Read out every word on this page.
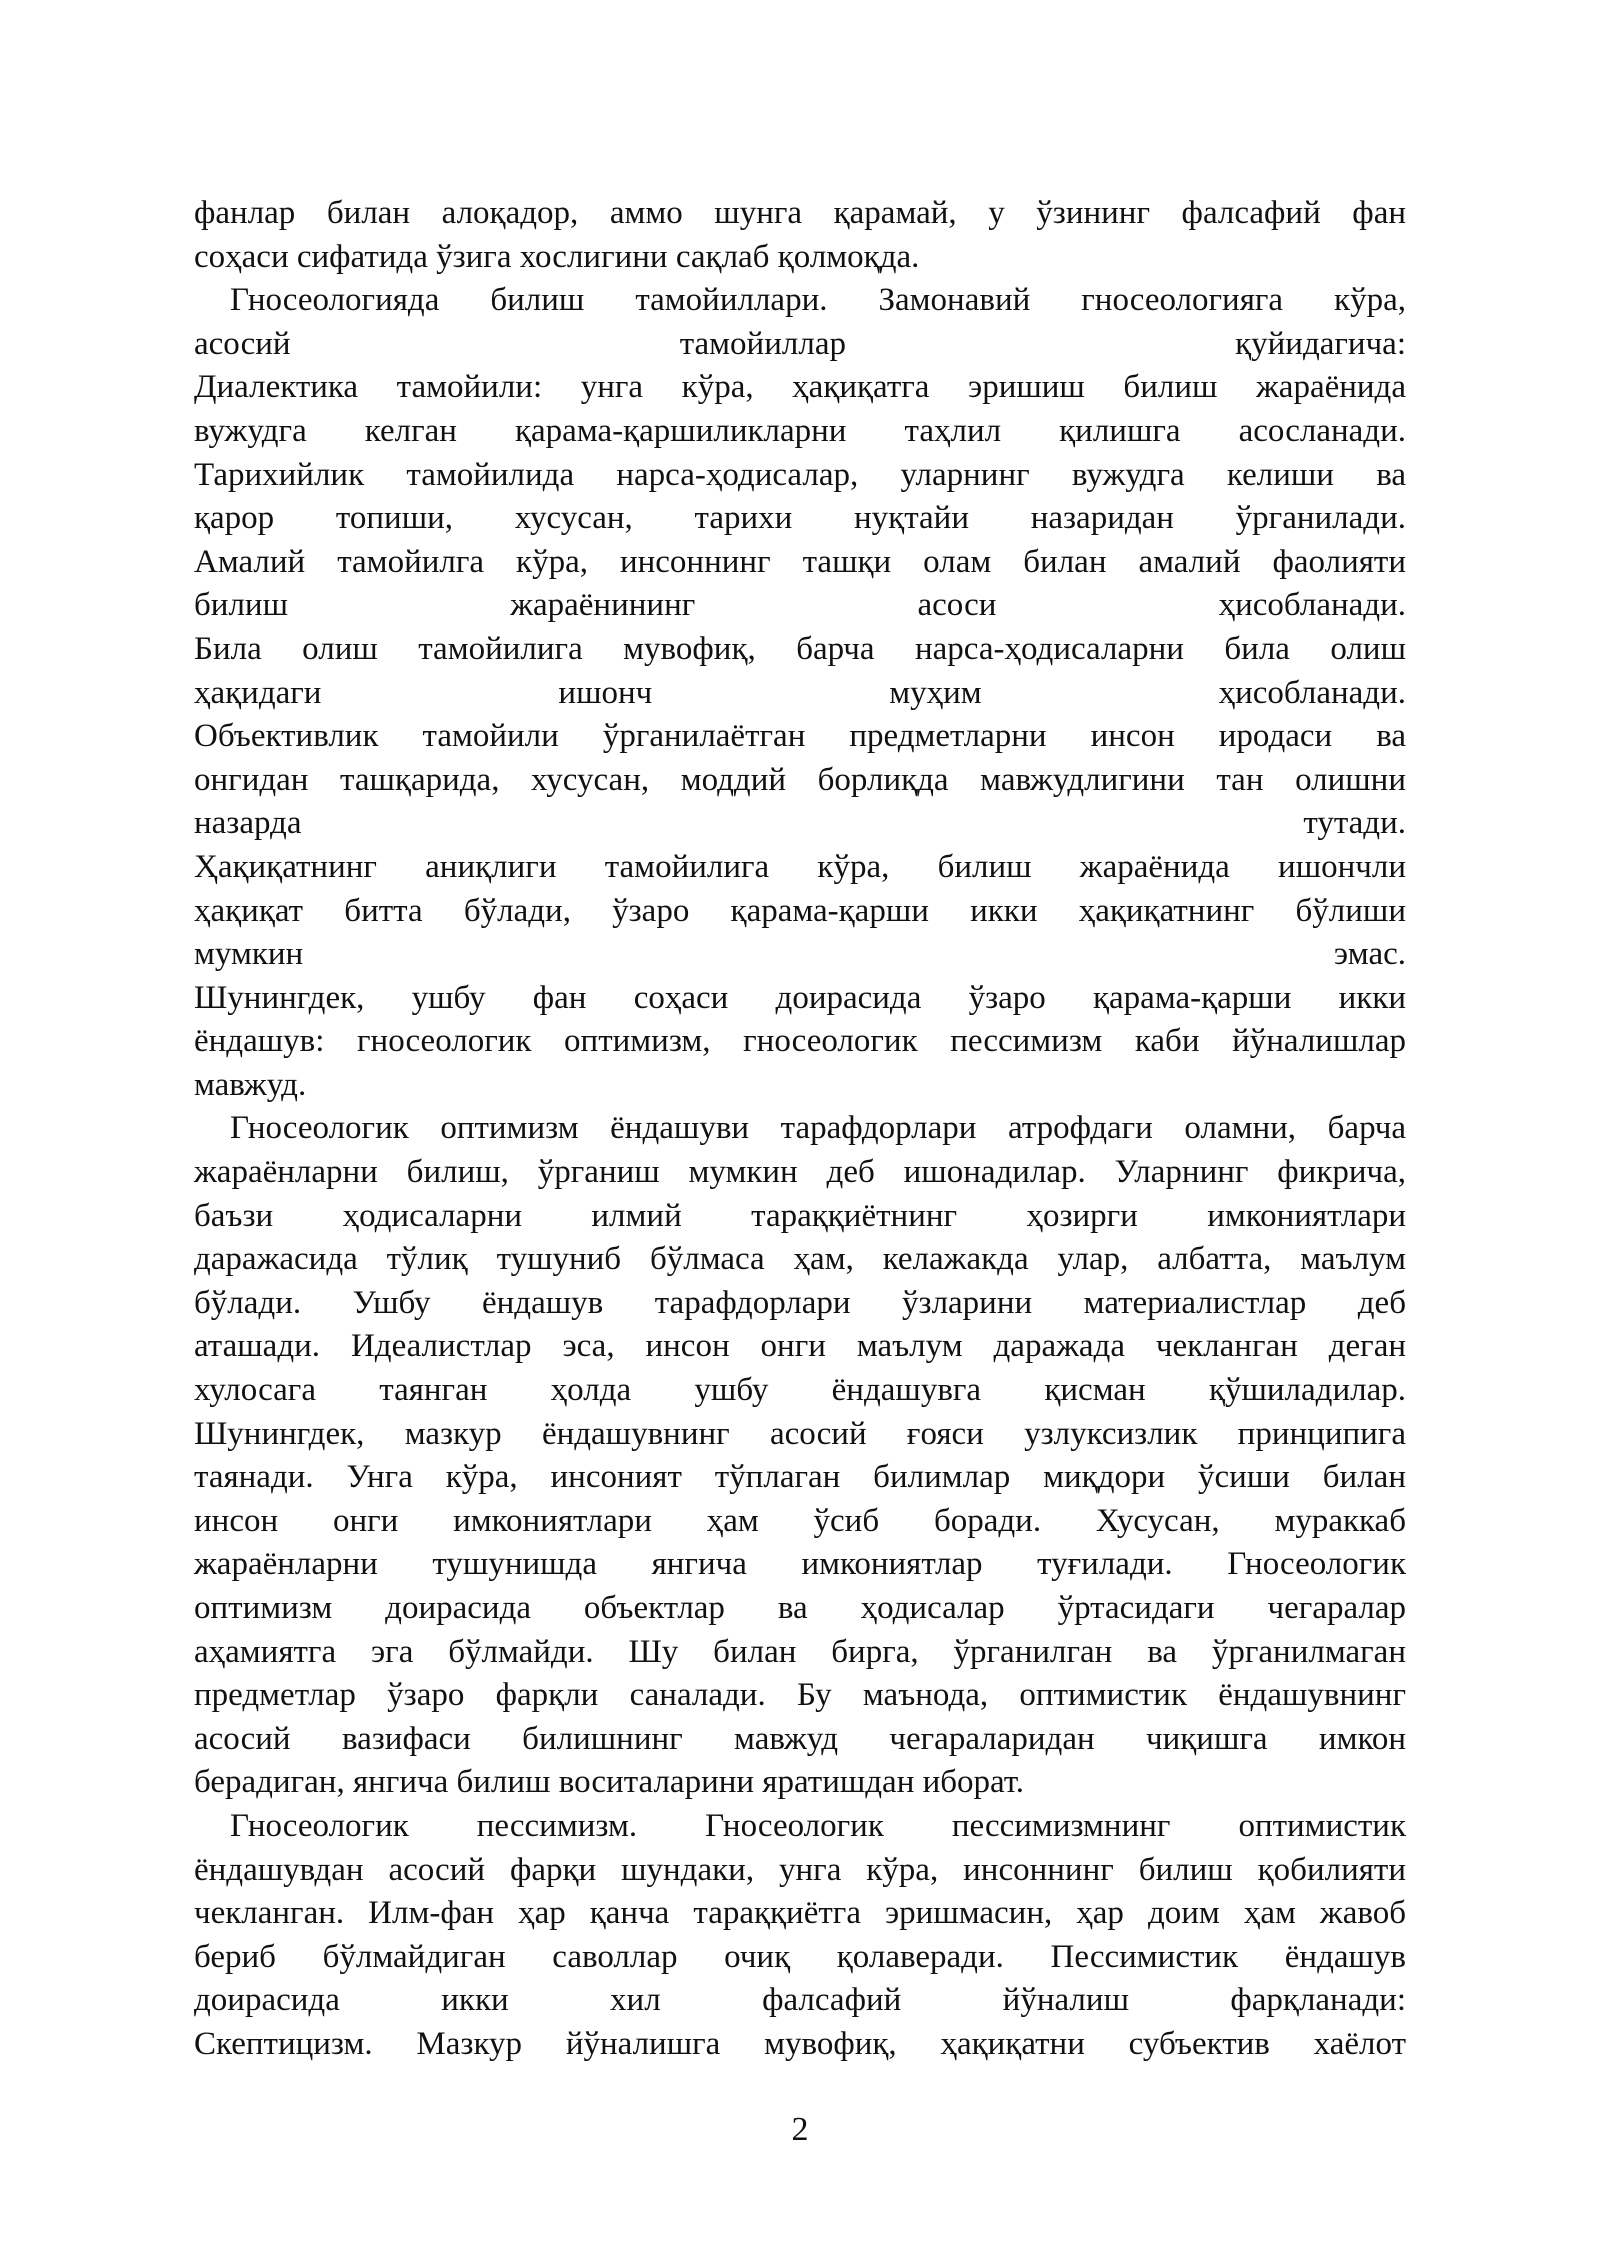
фанлар билан алоқадор, аммо шунга қарамай, у ўзининг фалсафий фан
соҳаси сифатида ўзига хослигини сақлаб қолмоқда.
Гносеологияда билиш тамойиллари. Замонавий гносеологияга кўра,
асосий тамойиллар қуйидагича:
Диалектика тамойили: унга кўра, ҳақиқатга эришиш билиш жараёнида
вужудга келган қарама-қаршиликларни таҳлил қилишга асосланади.
Тарихийлик тамойилида нарса-ҳодисалар, уларнинг вужудга келиши ва
қарор топиши, хусусан, тарихи нуқтайи назаридан ўрганилади.
Амалий тамойилга кўра, инсоннинг ташқи олам билан амалий фаолияти
билиш жараёнининг асоси ҳисобланади.
Била олиш тамойилига мувофиқ, барча нарса-ҳодисаларни била олиш
ҳақидаги ишонч муҳим ҳисобланади.
Объективлик тамойили ўрганилаётган предметларни инсон иродаси ва
онгидан ташқарида, хусусан, моддий борлиқда мавжудлигини тан олишни
назарда тутади.
Ҳақиқатнинг аниқлиги тамойилига кўра, билиш жараёнида ишончли
ҳақиқат битта бўлади, ўзаро қарама-қарши икки ҳақиқатнинг бўлиши
мумкин эмас.
Шунингдек, ушбу фан соҳаси доирасида ўзаро қарама-қарши икки
ёндашув: гносеологик оптимизм, гносеологик пессимизм каби йўналишлар
мавжуд.
Гносеологик оптимизм ёндашуви тарафдорлари атрофдаги оламни, барча
жараёнларни билиш, ўрганиш мумкин деб ишонадилар. Уларнинг фикрича,
баъзи ҳодисаларни илмий тараққиётнинг ҳозирги имкониятлари
даражасида тўлиқ тушуниб бўлмаса ҳам, келажакда улар, албатта, маълум
бўлади. Ушбу ёндашув тарафдорлари ўзларини материалистлар деб
аташади. Идеалистлар эса, инсон онги маълум даражада чекланган деган
хулосага таянган ҳолда ушбу ёндашувга қисман қўшиладилар.
Шунингдек, мазкур ёндашувнинг асосий ғояси узлуксизлик принципига
таянади. Унга кўра, инсоният тўплаган билимлар миқдори ўсиши билан
инсон онги имкониятлари ҳам ўсиб боради. Хусусан, мураккаб
жараёнларни тушунишда янгича имкониятлар туғилади. Гносеологик
оптимизм доирасида объектлар ва ҳодисалар ўртасидаги чегаралар
аҳамиятга эга бўлмайди. Шу билан бирга, ўрганилган ва ўрганилмаган
предметлар ўзаро фарқли саналади. Бу маънода, оптимистик ёндашувнинг
асосий вазифаси билишнинг мавжуд чегараларидан чиқишга имкон
берадиган, янгича билиш воситаларини яратишдан иборат.
Гносеологик пессимизм. Гносеологик пессимизмнинг оптимистик
ёндашувдан асосий фарқи шундаки, унга кўра, инсоннинг билиш қобилияти
чекланган. Илм-фан ҳар қанча тараққиётга эришмасин, ҳар доим ҳам жавоб
бериб бўлмайдиган саволлар очиқ қолаверади. Пессимистик ёндашув
доирасида икки хил фалсафий йўналиш фарқланади:
Скептицизм. Мазкур йўналишга мувофиқ, ҳақиқатни субъектив хаёлот
2
